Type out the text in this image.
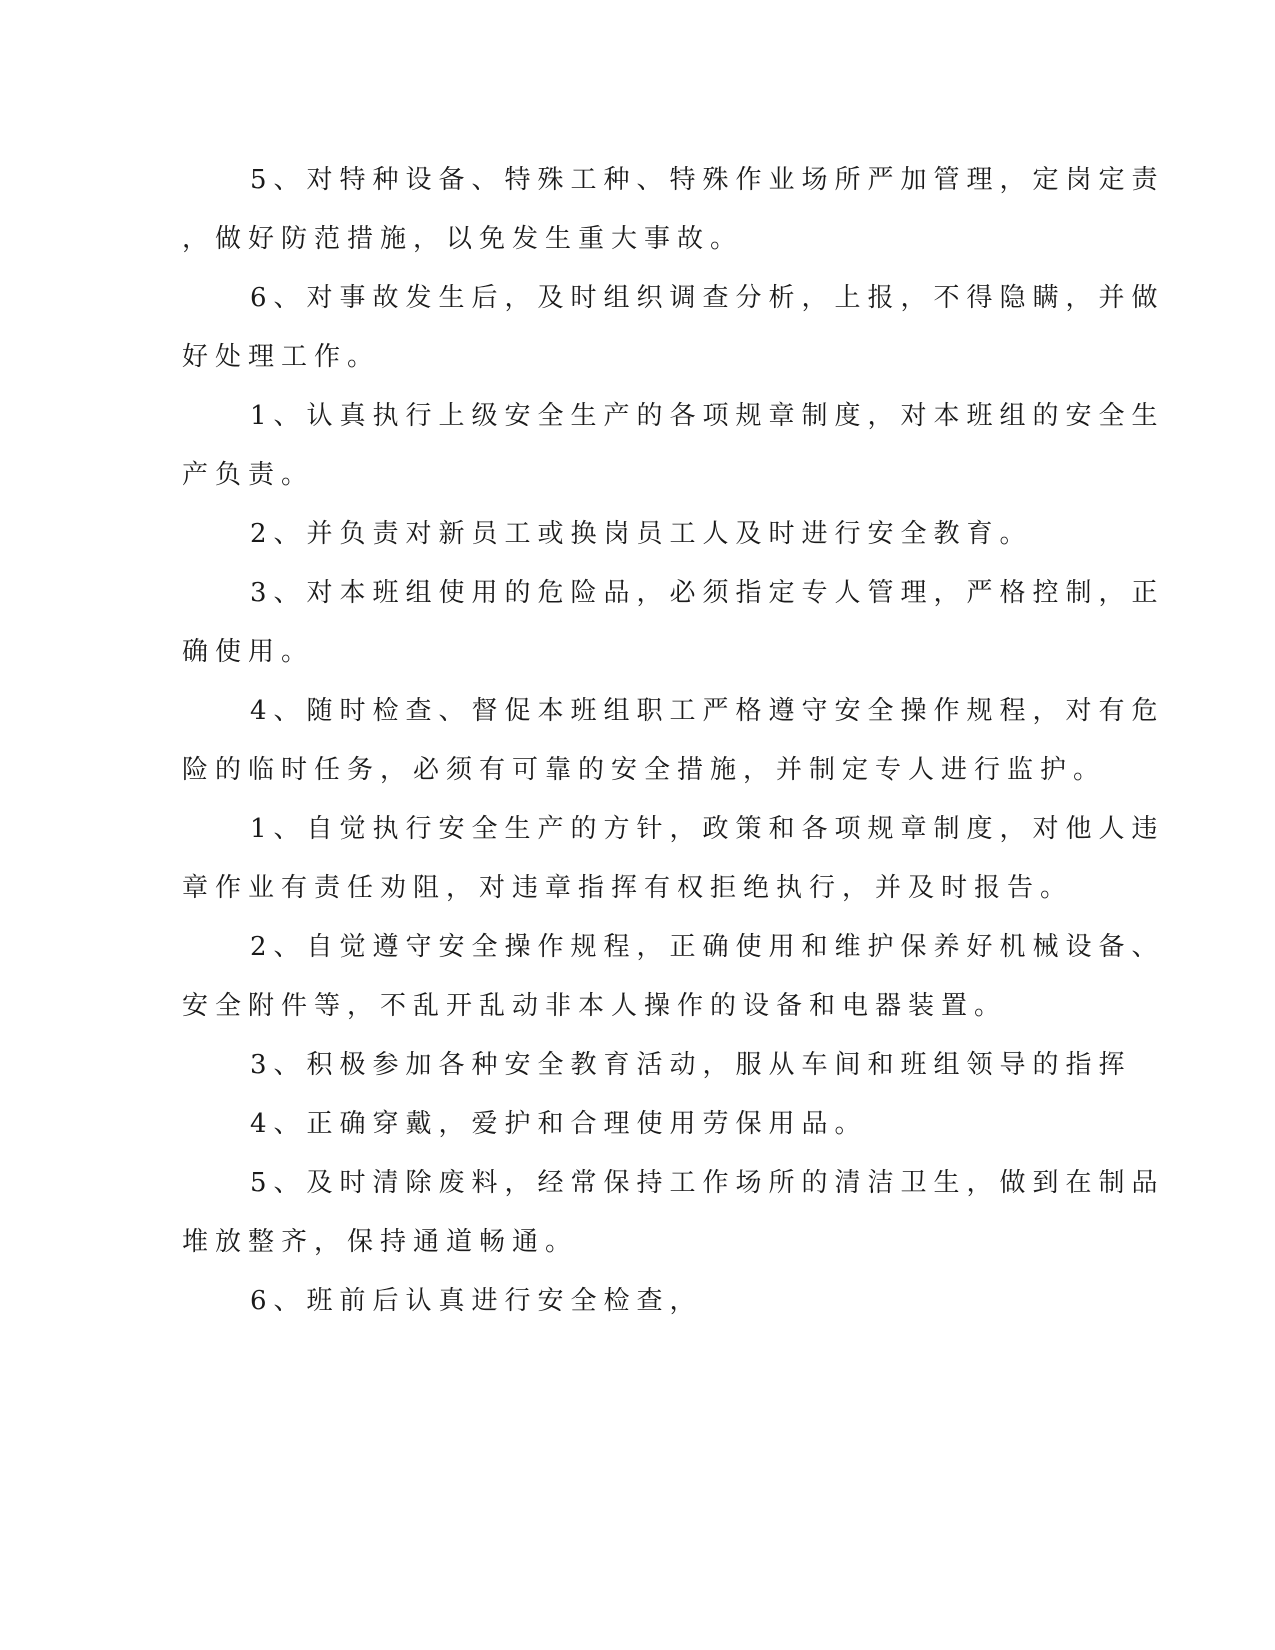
5、对特种设备、特殊工种、特殊作业场所严加管理，定岗定责
，做好防范措施，以免发生重大事故。
6、对事故发生后，及时组织调查分析，上报，不得隐瞒，并做
好处理工作。
1、认真执行上级安全生产的各项规章制度，对本班组的安全生
产负责。
2、并负责对新员工或换岗员工人及时进行安全教育。
3、对本班组使用的危险品，必须指定专人管理，严格控制，正
确使用。
4、随时检查、督促本班组职工严格遵守安全操作规程，对有危
险的临时任务，必须有可靠的安全措施，并制定专人进行监护。
1、自觉执行安全生产的方针，政策和各项规章制度，对他人违
章作业有责任劝阻，对违章指挥有权拒绝执行，并及时报告。
2、自觉遵守安全操作规程，正确使用和维护保养好机械设备、
安全附件等，不乱开乱动非本人操作的设备和电器装置。
3、积极参加各种安全教育活动，服从车间和班组领导的指挥
4、正确穿戴，爱护和合理使用劳保用品。
5、及时清除废料，经常保持工作场所的清洁卫生，做到在制品
堆放整齐，保持通道畅通。
6、班前后认真进行安全检查，
